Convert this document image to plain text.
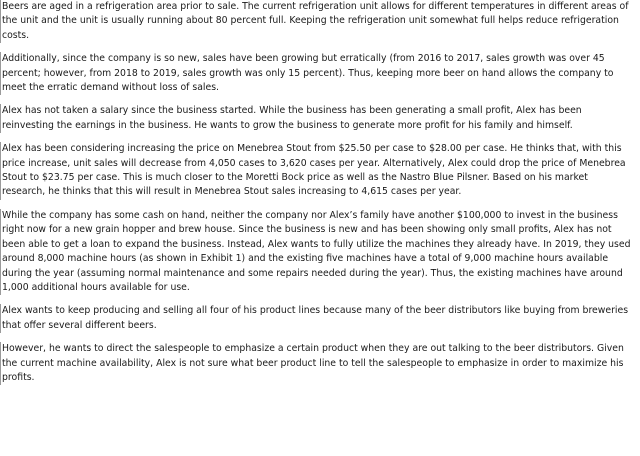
Beers are aged in a refrigeration area prior to sale. The current refrigeration unit allows for different temperatures in different areas of the unit and the unit is usually running about 80 percent full. Keeping the refrigeration unit somewhat full helps reduce refrigeration costs.

Additionally, since the company is so new, sales have been growing but erratically (from 2016 to 2017, sales growth was over 45 percent; however, from 2018 to 2019, sales growth was only 15 percent). Thus, keeping more beer on hand allows the company to meet the erratic demand without loss of sales.

Alex has not taken a salary since the business started. While the business has been generating a small profit, Alex has been reinvesting the earnings in the business. He wants to grow the business to generate more profit for his family and himself.

Alex has been considering increasing the price on Menebrea Stout from $25.50 per case to $28.00 per case. He thinks that, with this price increase, unit sales will decrease from 4,050 cases to 3,620 cases per year. Alternatively, Alex could drop the price of Menebrea Stout to $23.75 per case. This is much closer to the Moretti Bock price as well as the Nastro Blue Pilsner. Based on his market research, he thinks that this will result in Menebrea Stout sales increasing to 4,615 cases per year.

While the company has some cash on hand, neither the company nor Alex’s family have another $100,000 to invest in the business right now for a new grain hopper and brew house. Since the business is new and has been showing only small profits, Alex has not been able to get a loan to expand the business. Instead, Alex wants to fully utilize the machines they already have. In 2019, they used around 8,000 machine hours (as shown in Exhibit 1) and the existing five machines have a total of 9,000 machine hours available during the year (assuming normal maintenance and some repairs needed during the year). Thus, the existing machines have around 1,000 additional hours available for use.

Alex wants to keep producing and selling all four of his product lines because many of the beer distributors like buying from breweries that offer several different beers.

However, he wants to direct the salespeople to emphasize a certain product when they are out talking to the beer distributors. Given the current machine availability, Alex is not sure what beer product line to tell the salespeople to emphasize in order to maximize his profits.
